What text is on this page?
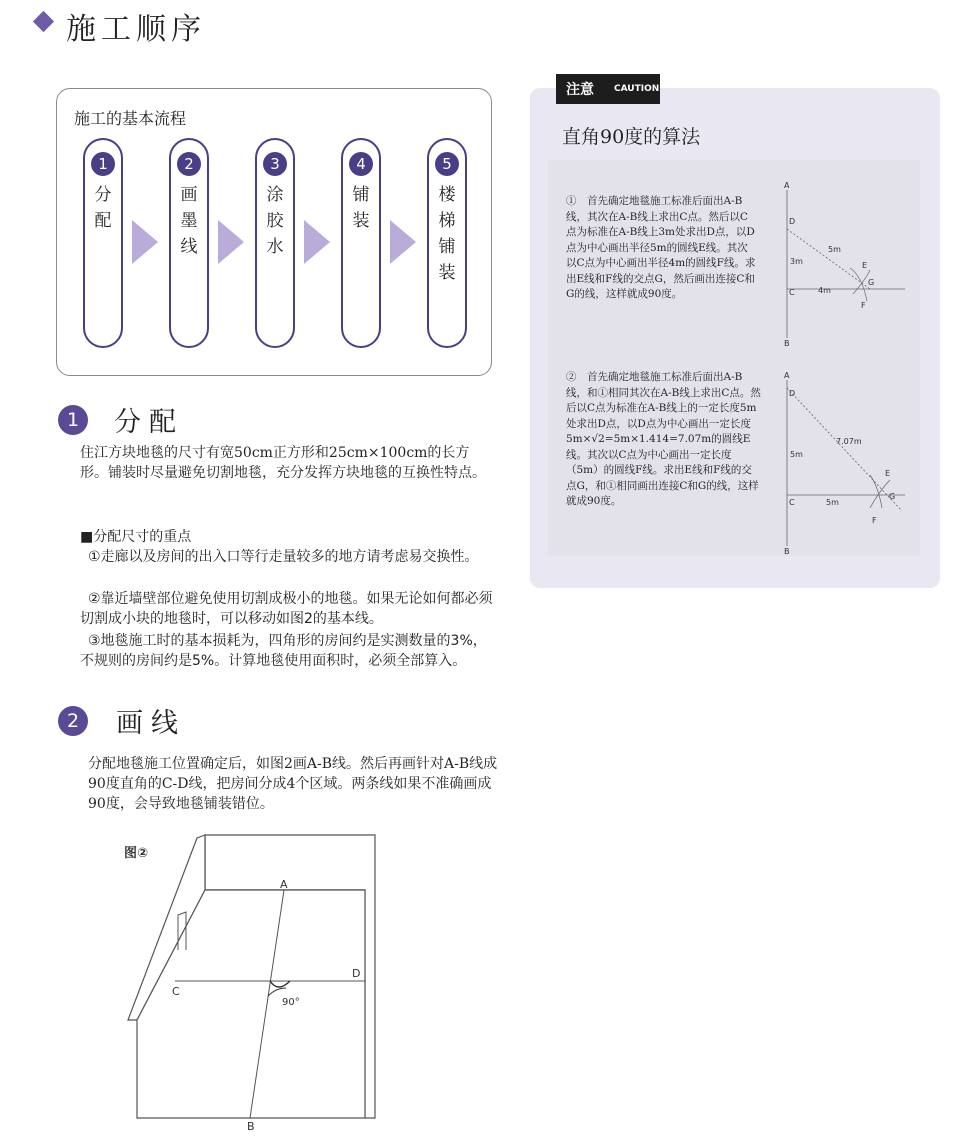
施工顺序
施工的基本流程
1
分配
2
画墨线
3
涂胶水
4
铺装
5
楼梯铺装
1	分配
住江方块地毯的尺寸有宽50cm正方形和25cm×100cm的长方形。铺装时尽量避免切割地毯，充分发挥方块地毯的互换性特点。
■分配尺寸的重点
①走廊以及房间的出入口等行走量较多的地方请考虑易交换性。
②靠近墙壁部位避免使用切割成极小的地毯。如果无论如何都必须切割成小块的地毯时，可以移动如图2的基本线。
③地毯施工时的基本损耗为，四角形的房间约是实测数量的3%，不规则的房间约是5%。计算地毯使用面积时，必须全部算入。
2	画线
分配地毯施工位置确定后，如图2画A-B线。然后再画针对A-B线成90度直角的C-D线，把房间分成4个区域。两条线如果不准确画成90度，会导致地毯铺装错位。
图②
A
B
C
D
90°
注意 CAUTION
直角90度的算法
①　首先确定地毯施工标准后面出A-B线，其次在A-B线上求出C点。然后以C点为标准在A-B线上3m处求出D点，以D点为中心画出半径5m的圆线E线。其次以C点为中心画出半径4m的圆线F线。求出E线和F线的交点G，然后画出连接C和G的线，这样就成90度。
②　首先确定地毯施工标准后面出A-B线，和①相同其次在A-B线上求出C点。然后以C点为标准在A-B线上的一定长度5m处求出D点，以D点为中心画出一定长度5m×√2=5m×1.414=7.07m的圆线E线。其次以C点为中心画出一定长度（5m）的圆线F线。求出E线和F线的交点G，和①相同画出连接C和G的线，这样就成90度。
A
B
C
D
E
F
G
3m
5m
4m
A
B
C
D
E
F
G
5m
7.07m
5m
